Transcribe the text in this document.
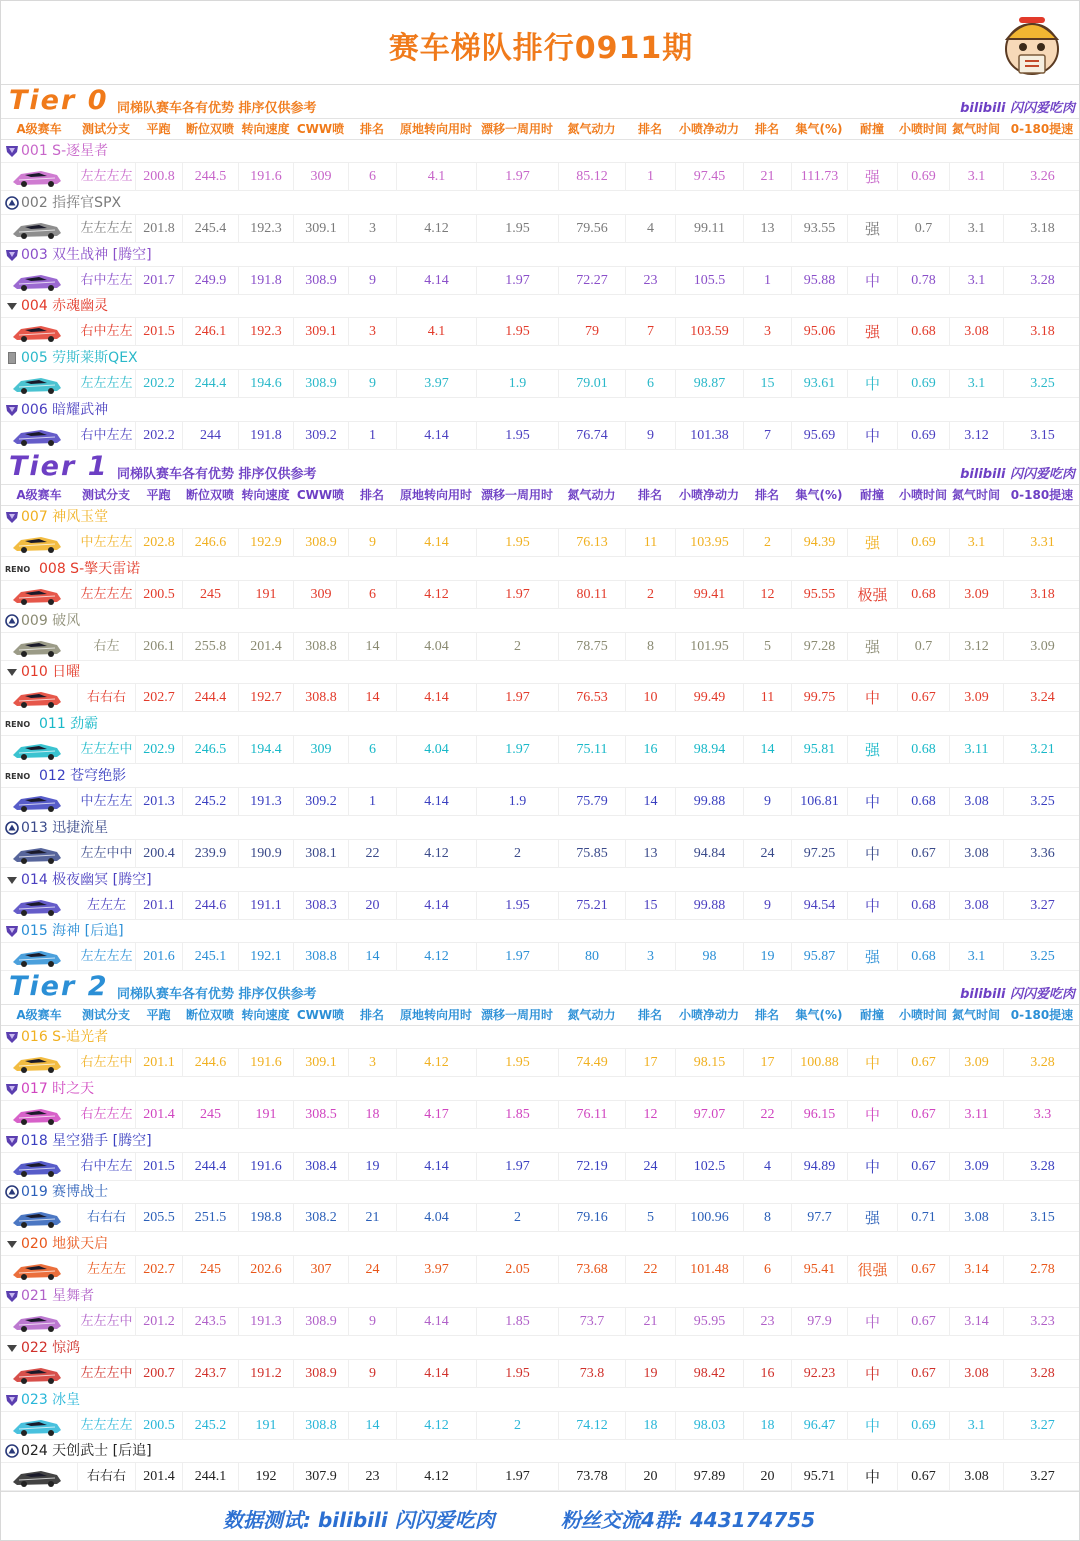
赛车梯队排行0911期
Tier 0 同梯队赛车各有优势 排序仅供参考	bilibili 闪闪爱吃肉
A级赛车	测试分支	平跑	断位双喷 转向速度 CWW喷	排名	原地转向用时 漂移一周用时	氮气动力	排名	小喷净动力	排名	集气(%)	耐撞	小喷时间 氮气时间 0-180提速
001 S-逐星者
左左左左 200.8	244.5	191.6	309	6	4.1	1.97	85.12	1	97.45	21	111.73	强	0.69	3.1	3.26
002 指挥官SPX
左左左左 201.8	245.4	192.3	309.1	3	4.12	1.95	79.56	4	99.11	13	93.55	强	0.7	3.1	3.18
003 双生战神 [腾空]
右中左左 201.7	249.9	191.8	308.9	9	4.14	1.97	72.27	23	105.5	1	95.88	中	0.78	3.1	3.28
004 赤魂幽灵
右中左左 201.5	246.1	192.3	309.1	3	4.1	1.95	79	7	103.59	3	95.06	强	0.68	3.08	3.18
005 劳斯莱斯QEX
左左左左 202.2	244.4	194.6	308.9	9	3.97	1.9	79.01	6	98.87	15	93.61	中	0.69	3.1	3.25
006 暗耀武神
右中左左 202.2	244	191.8	309.2	1	4.14	1.95	76.74	9	101.38	7	95.69	中	0.69	3.12	3.15
Tier 1 同梯队赛车各有优势 排序仅供参考	bilibili 闪闪爱吃肉
A级赛车	测试分支	平跑	断位双喷 转向速度 CWW喷	排名	原地转向用时 漂移一周用时	氮气动力	排名	小喷净动力	排名	集气(%)	耐撞	小喷时间 氮气时间 0-180提速
007 神风玉堂
中左左左 202.8	246.6	192.9	308.9	9	4.14	1.95	76.13	11	103.95	2	94.39	强	0.69	3.1	3.31
RENO 008 S-擎天雷诺
左左左左 200.5	245	191	309	6	4.12	1.97	80.11	2	99.41	12	95.55	极强	0.68	3.09	3.18
009 破风
右左	206.1	255.8	201.4	308.8	14	4.04	2	78.75	8	101.95	5	97.28	强	0.7	3.12	3.09
010 日曜
右右右	202.7	244.4	192.7	308.8	14	4.14	1.97	76.53	10	99.49	11	99.75	中	0.67	3.09	3.24
RENO 011 劲霸
左左左中 202.9	246.5	194.4	309	6	4.04	1.97	75.11	16	98.94	14	95.81	强	0.68	3.11	3.21
RENO 012 苍穹绝影
中左左左 201.3	245.2	191.3	309.2	1	4.14	1.9	75.79	14	99.88	9	106.81	中	0.68	3.08	3.25
013 迅捷流星
左左中中 200.4	239.9	190.9	308.1	22	4.12	2	75.85	13	94.84	24	97.25	中	0.67	3.08	3.36
014 极夜幽冥 [腾空]
左左左	201.1	244.6	191.1	308.3	20	4.14	1.95	75.21	15	99.88	9	94.54	中	0.68	3.08	3.27
015 海神 [后追]
左左左左 201.6	245.1	192.1	308.8	14	4.12	1.97	80	3	98	19	95.87	强	0.68	3.1	3.25
Tier 2 同梯队赛车各有优势 排序仅供参考	bilibili 闪闪爱吃肉
A级赛车	测试分支	平跑	断位双喷 转向速度 CWW喷	排名	原地转向用时 漂移一周用时	氮气动力	排名	小喷净动力	排名	集气(%)	耐撞	小喷时间 氮气时间 0-180提速
016 S-追光者
右左左中 201.1	244.6	191.6	309.1	3	4.12	1.95	74.49	17	98.15	17	100.88	中	0.67	3.09	3.28
017 时之天
右左左左 201.4	245	191	308.5	18	4.17	1.85	76.11	12	97.07	22	96.15	中	0.67	3.11	3.3
018 星空猎手 [腾空]
右中左左 201.5	244.4	191.6	308.4	19	4.14	1.97	72.19	24	102.5	4	94.89	中	0.67	3.09	3.28
019 赛博战士
右右右	205.5	251.5	198.8	308.2	21	4.04	2	79.16	5	100.96	8	97.7	强	0.71	3.08	3.15
020 地狱天启
左左左	202.7	245	202.6	307	24	3.97	2.05	73.68	22	101.48	6	95.41	很强	0.67	3.14	2.78
021 星舞者
左左左中 201.2	243.5	191.3	308.9	9	4.14	1.85	73.7	21	95.95	23	97.9	中	0.67	3.14	3.23
022 惊鸿
左左左中 200.7	243.7	191.2	308.9	9	4.14	1.95	73.8	19	98.42	16	92.23	中	0.67	3.08	3.28
023 冰皇
左左左左 200.5	245.2	191	308.8	14	4.12	2	74.12	18	98.03	18	96.47	中	0.69	3.1	3.27
024 天创武士 [后追]
右右右	201.4	244.1	192	307.9	23	4.12	1.97	73.78	20	97.89	20	95.71	中	0.67	3.08	3.27
数据测试: bilibili 闪闪爱吃肉	粉丝交流4群: 443174755
